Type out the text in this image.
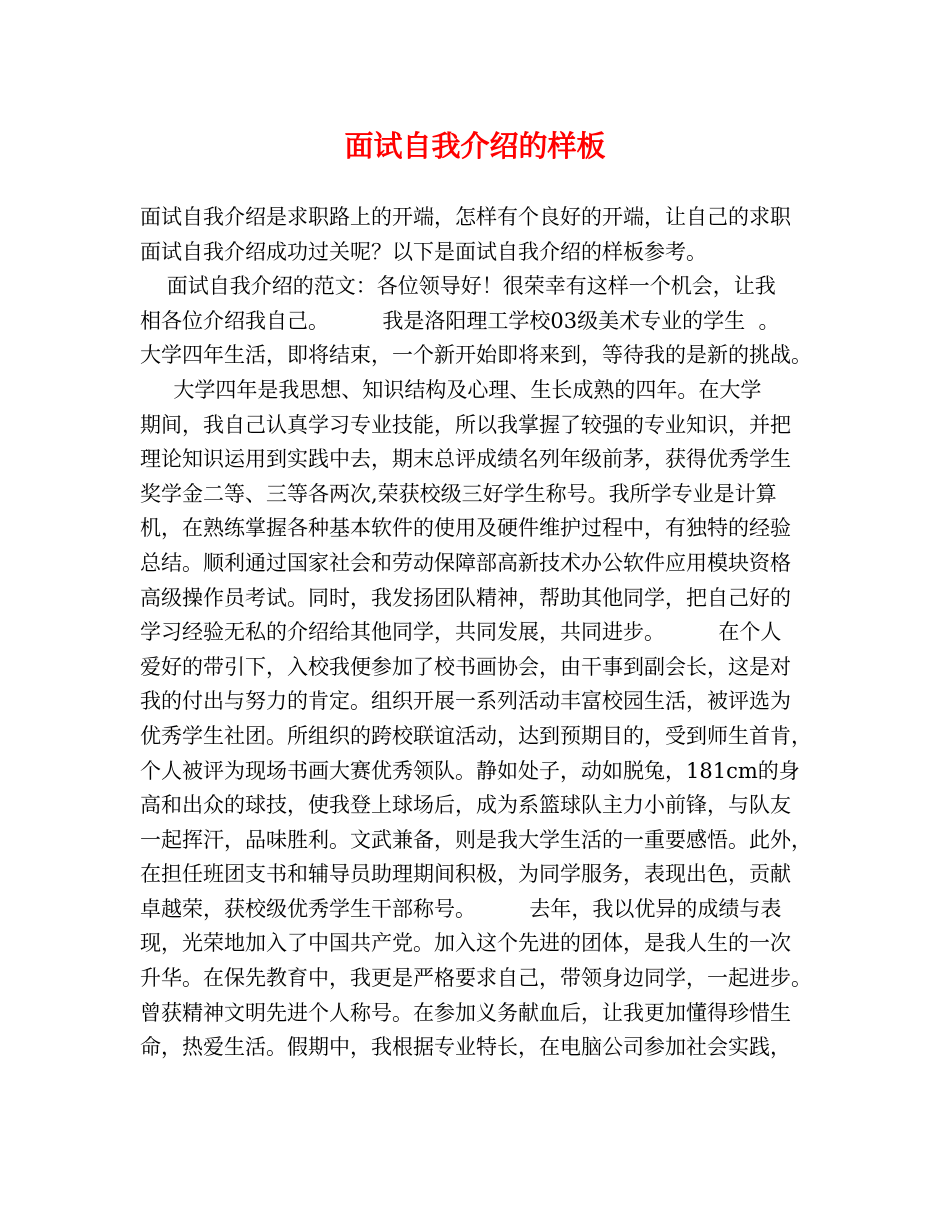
面试自我介绍的样板
面试自我介绍是求职路上的开端，怎样有个良好的开端，让自己的求职
面试自我介绍成功过关呢？以下是面试自我介绍的样板参考。
面试自我介绍的范文：各位领导好！很荣幸有这样一个机会，让我
相各位介绍我自己。        我是洛阳理工学校03级美术专业的学生  。
大学四年生活，即将结束，一个新开始即将来到，等待我的是新的挑战。
大学四年是我思想、知识结构及心理、生长成熟的四年。在大学
期间，我自己认真学习专业技能，所以我掌握了较强的专业知识，并把
理论知识运用到实践中去，期末总评成绩名列年级前茅，获得优秀学生
奖学金二等、三等各两次,荣获校级三好学生称号。我所学专业是计算
机，在熟练掌握各种基本软件的使用及硬件维护过程中，有独特的经验
总结。顺利通过国家社会和劳动保障部高新技术办公软件应用模块资格
高级操作员考试。同时，我发扬团队精神，帮助其他同学，把自己好的
学习经验无私的介绍给其他同学，共同发展，共同进步。        在个人
爱好的带引下，入校我便参加了校书画协会，由干事到副会长，这是对
我的付出与努力的肯定。组织开展一系列活动丰富校园生活，被评选为
优秀学生社团。所组织的跨校联谊活动，达到预期目的，受到师生首肯，
个人被评为现场书画大赛优秀领队。静如处子，动如脱兔，181cm的身
高和出众的球技，使我登上球场后，成为系篮球队主力小前锋，与队友
一起挥汗，品味胜利。文武兼备，则是我大学生活的一重要感悟。此外，
在担任班团支书和辅导员助理期间积极，为同学服务，表现出色，贡献
卓越荣，获校级优秀学生干部称号。        去年，我以优异的成绩与表
现，光荣地加入了中国共产党。加入这个先进的团体，是我人生的一次
升华。在保先教育中，我更是严格要求自己，带领身边同学，一起进步。
曾获精神文明先进个人称号。在参加义务献血后，让我更加懂得珍惜生
命，热爱生活。假期中，我根据专业特长，在电脑公司参加社会实践，
